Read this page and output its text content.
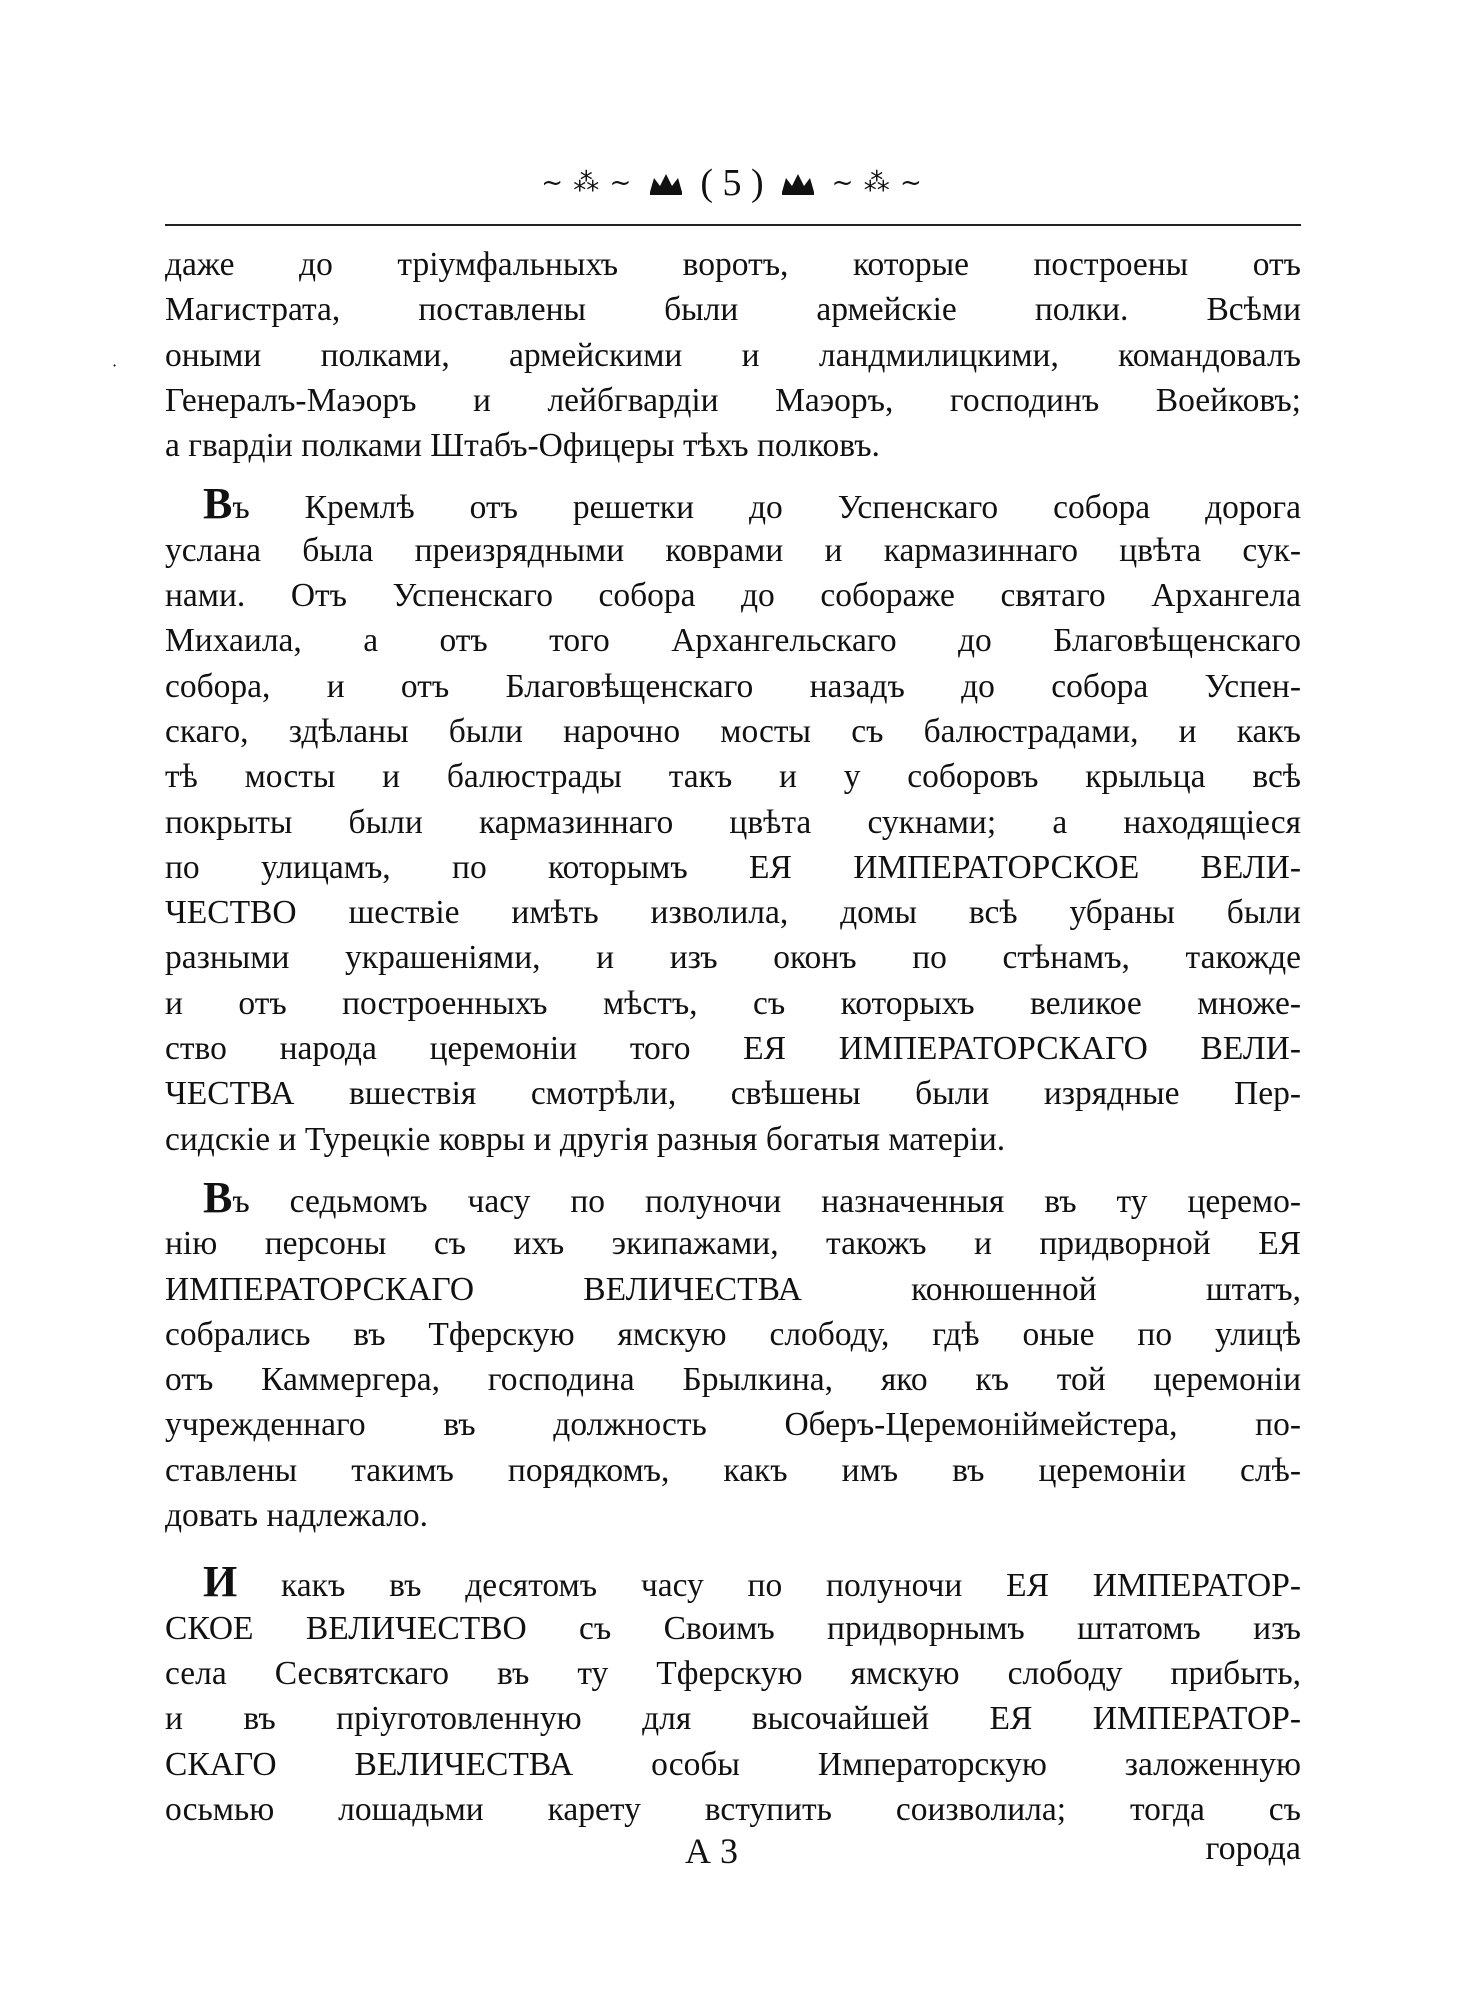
~ ⁂ ~ ( 5 )	~ ⁂ ~
·
даже до тріумфальныхъ воротъ, которые построены отъ
Магистрата, поставлены были армейскіе полки. Всѣми
оными полками, армейскими и ландмилицкими, командовалъ
Генералъ-Маэоръ и лейбгвардіи Маэоръ, господинъ Воейковъ;
а гвардіи полками Штабъ-Офицеры тѣхъ полковъ.
Въ Кремлѣ отъ решетки до Успенскаго собора дорога
услана была преизрядными коврами и кармазиннаго цвѣта сук-
нами. Отъ Успенскаго собора до собораже святаго Архангела
Михаила, а отъ того Архангельскаго до Благовѣщенскаго
собора, и отъ Благовѣщенскаго назадъ до собора Успен-
скаго, здѣланы были нарочно мосты съ балюстрадами, и какъ
тѣ мосты и балюстрады такъ и у соборовъ крыльца всѣ
покрыты были кармазиннаго цвѣта сукнами; а находящіеся
по улицамъ, по которымъ ЕЯ ИМПЕРАТОРСКОЕ ВЕЛИ-
ЧЕСТВО шествіе имѣть изволила, домы всѣ убраны были
разными украшеніями, и изъ оконъ по стѣнамъ, такожде
и отъ построенныхъ мѣстъ, съ которыхъ великое множе-
ство народа церемоніи того ЕЯ ИМПЕРАТОРСКАГО ВЕЛИ-
ЧЕСТВА вшествія смотрѣли, свѣшены были изрядные Пер-
сидскіе и Турецкіе ковры и другія разныя богатыя матеріи.
Въ седьмомъ часу по полуночи назначенныя въ ту церемо-
нію персоны съ ихъ экипажами, такожъ и придворной ЕЯ
ИМПЕРАТОРСКАГО ВЕЛИЧЕСТВА конюшенной штатъ,
собрались въ Тферскую ямскую слободу, гдѣ оные по улицѣ
отъ Каммергера, господина Брылкина, яко къ той церемоніи
учрежденнаго въ должность Оберъ-Церемоніймейстера, по-
ставлены такимъ порядкомъ, какъ имъ въ церемоніи слѣ-
довать надлежало.
И какъ въ десятомъ часу по полуночи ЕЯ ИМПЕРАТОР-
СКОЕ ВЕЛИЧЕСТВО съ Своимъ придворнымъ штатомъ изъ
села Сесвятскаго въ ту Тферскую ямскую слободу прибыть,
и въ пріуготовленную для высочайшей ЕЯ ИМПЕРАТОР-
СКАГО ВЕЛИЧЕСТВА особы Императорскую заложенную
осьмью лошадьми карету вступить соизволила; тогда съ
А 3	города
